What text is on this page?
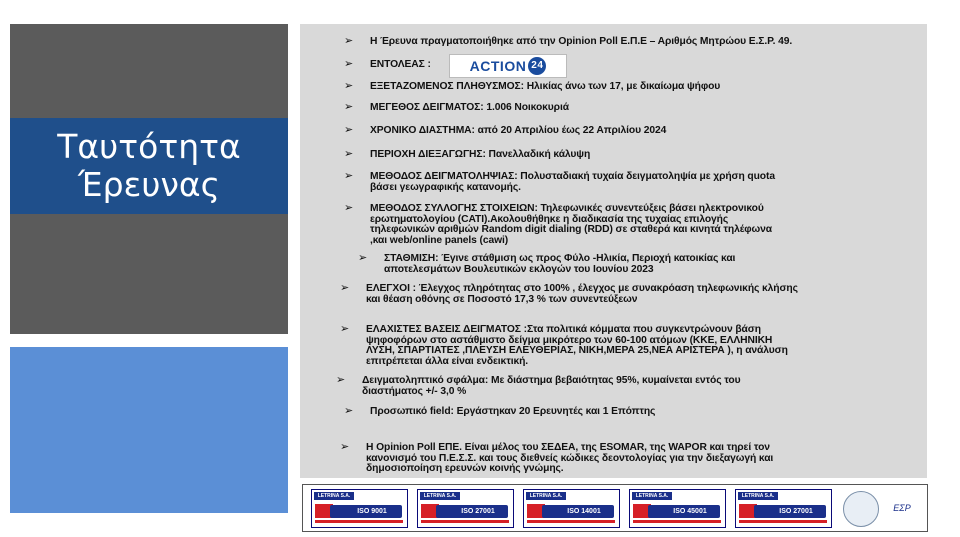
Ταυτότητα
Έρευνας
➢ Η Έρευνα πραγματοποιήθηκε από την Opinion Poll Ε.Π.Ε – Αριθμός Μητρώου Ε.Σ.Ρ. 49.
➢ ΕΝΤΟΛΕΑΣ :	ACTION 24
➢ ΕΞΕΤΑΖΟΜΕΝΟΣ ΠΛΗΘΥΣΜΟΣ: Ηλικίας άνω των 17, με δικαίωμα ψήφου
➢ ΜΕΓΕΘΟΣ ΔΕΙΓΜΑΤΟΣ: 1.006 Νοικοκυριά
➢ ΧΡΟΝΙΚΟ ΔΙΑΣΤΗΜΑ: από 20 Απριλίου έως 22 Απριλίου 2024
➢ ΠΕΡΙΟΧΗ ΔΙΕΞΑΓΩΓΗΣ: Πανελλαδική κάλυψη
➢ ΜΕΘΟΔΟΣ ΔΕΙΓΜΑΤΟΛΗΨΙΑΣ: Πολυσταδιακή τυχαία δειγματοληψία με χρήση quota
βάσει γεωγραφικής κατανομής.
➢ ΜΕΘΟΔΟΣ ΣΥΛΛΟΓΗΣ ΣΤΟΙΧΕΙΩΝ: Τηλεφωνικές συνεντεύξεις βάσει ηλεκτρονικού
ερωτηματολογίου (CATI).Ακολουθήθηκε η διαδικασία της τυχαίας επιλογής
τηλεφωνικών αριθμών Random digit dialing (RDD) σε σταθερά και κινητά τηλέφωνα
,και web/online panels (cawi)
➢ ΣΤΑΘΜΙΣΗ: Έγινε στάθμιση ως προς Φύλο -Ηλικία, Περιοχή κατοικίας και
αποτελεσμάτων Βουλευτικών εκλογών του Ιουνίου 2023
➢ ΕΛΕΓΧΟΙ : Έλεγχος πληρότητας στο 100% , έλεγχος με συνακρόαση τηλεφωνικής κλήσης
και θέαση οθόνης σε Ποσοστό 17,3 % των συνεντεύξεων
➢ ΕΛΑΧΙΣΤΕΣ ΒΑΣΕΙΣ ΔΕΙΓΜΑΤΟΣ :Στα πολιτικά κόμματα που συγκεντρώνουν βάση
ψηφοφόρων στο αστάθμιστο δείγμα μικρότερο των 60-100 ατόμων (ΚΚΕ, ΕΛΛΗΝΙΚΗ
ΛΥΣΗ, ΣΠΑΡΤΙΑΤΕΣ ,ΠΛΕΥΣΗ ΕΛΕΥΘΕΡΙΑΣ, ΝΙΚΗ,ΜΕΡΑ 25,ΝΕΑ ΑΡΙΣΤΕΡΑ ), η ανάλυση
επιτρέπεται άλλα είναι ενδεικτική.
➢ Δειγματοληπτικό σφάλμα: Με διάστημα βεβαιότητας 95%, κυμαίνεται εντός του
διαστήματος +/- 3,0 %
➢ Προσωπικό field: Εργάστηκαν 20 Ερευνητές και 1 Επόπτης
➢ Η Opinion Poll ΕΠΕ. Είναι μέλος του ΣΕΔΕΑ, της ESOMAR, της WAPOR και τηρεί τον
κανονισμό του Π.Ε.Σ.Σ. και τους διεθνείς κώδικες δεοντολογίας για την διεξαγωγή και
δημοσιοποίηση ερευνών κοινής γνώμης.
LETRINA S.A.
ISO 9001
LETRINA S.A.
ISO 27001
LETRINA S.A.
ISO 14001
LETRINA S.A.
ISO 45001
LETRINA S.A.
ISO 27001	ΕΣΡ
